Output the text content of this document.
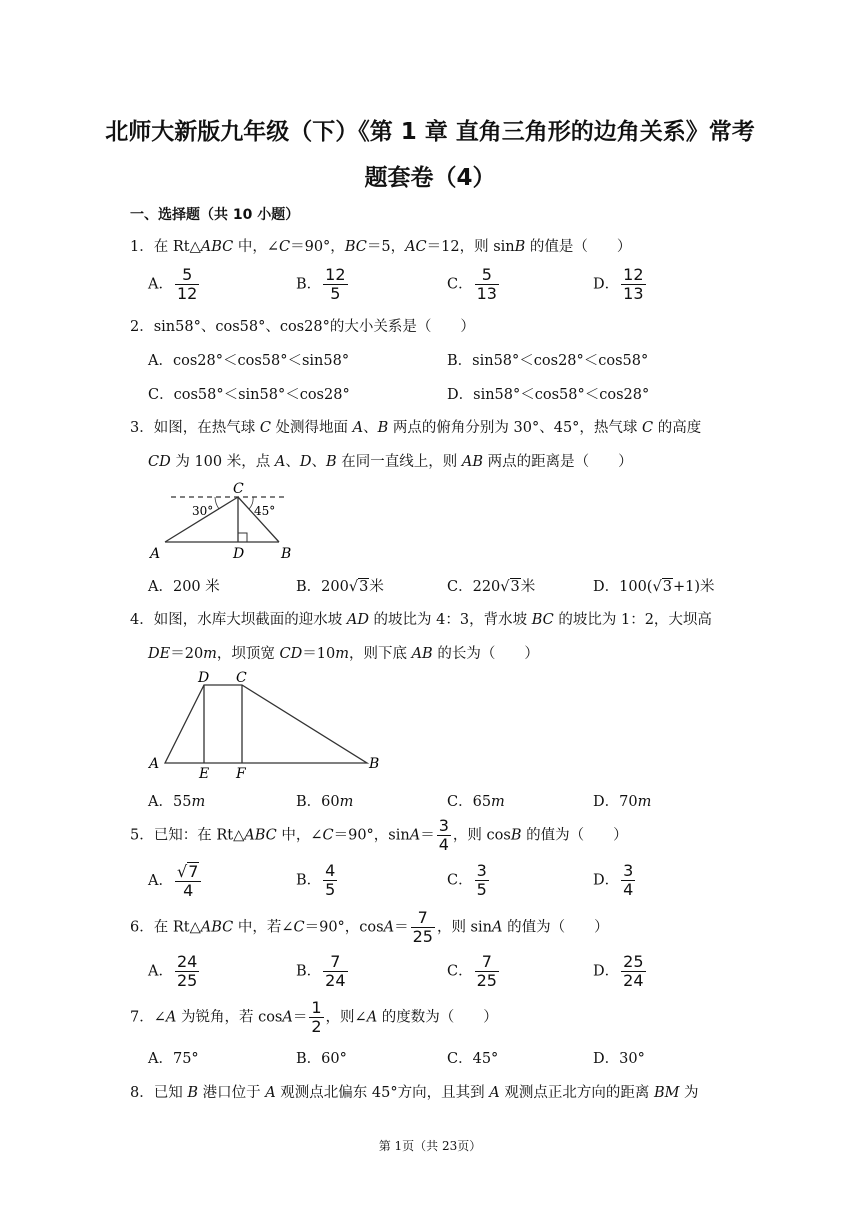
北师大新版九年级（下）《第 1 章 直角三角形的边角关系》常考
题套卷（4）
一、选择题（共 10 小题）
1．在 Rt△ABC 中，∠C＝90°，BC＝5，AC＝12，则 sinB 的值是（　　）
A． $\frac{5}{12}$	B． $\frac{12}{5}$	C． $\frac{5}{13}$	D． $\frac{12}{13}$
2．sin58°、cos58°、cos28°的大小关系是（　　）
A．cos28°＜cos58°＜sin58°	B．sin58°＜cos28°＜cos58°
C．cos58°＜sin58°＜cos28°	D．sin58°＜cos58°＜cos28°
3．如图，在热气球 C 处测得地面 A、B 两点的俯角分别为 30°、45°，热气球 C 的高度
CD 为 100 米，点 A、D、B 在同一直线上，则 AB 两点的距离是（　　）
C
30°	45°
A	D	B
A．200 米	B．200√3米	C．220√3米	D．100(√3+1)米
4．如图，水库大坝截面的迎水坡 AD 的坡比为 4：3，背水坡 BC 的坡比为 1：2，大坝高
DE＝20m，坝顶宽 CD＝10m，则下底 AB 的长为（　　）
D C
A
E F
B
A．55m	B．60m	C．65m	D．70m
5．已知：在 Rt△ABC 中，∠C＝90°，$\sin A= \frac{3}{4}$ ，则 cosB 的值为（　　）
A． $\frac{√7}{4}$	B． $\frac{4}{5}$	C． $\frac{3}{5}$	D． $\frac{3}{4}$
6．在 Rt△ABC 中，若∠C＝90°，$\cos A= \frac{7}{25}$ ，则 sinA 的值为（　　）
A． $\frac{24}{25}$	B． $\frac{7}{24}$	C． $\frac{7}{25}$	D． $\frac{25}{24}$
7．∠A 为锐角，若 $\cos A= \frac{1}{2}$ ，则∠A 的度数为（　　）
A．75°	B．60°	C．45°	D．30°
8．已知 B 港口位于 A 观测点北偏东 45°方向，且其到 A 观测点正北方向的距离 BM 为
第 1页（共 23页）
